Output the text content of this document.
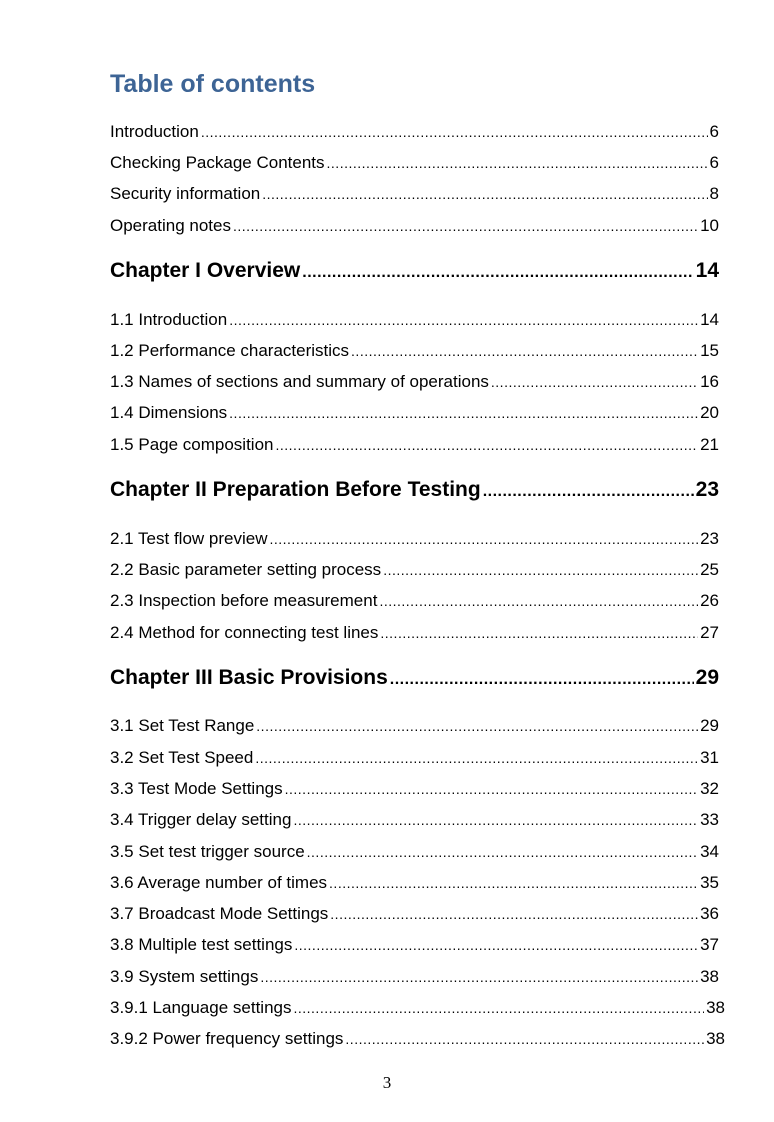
Table of contents
Introduction .....	6
Checking Package Contents .....	6
Security information .....	8
Operating notes .....	10
Chapter I Overview .....	14
1.1 Introduction .....	14
1.2 Performance characteristics .....	15
1.3 Names of sections and summary of operations .....	16
1.4 Dimensions .....	20
1.5 Page composition .....	21
Chapter II Preparation Before Testing .....	23
2.1 Test flow preview .....	23
2.2 Basic parameter setting process .....	25
2.3 Inspection before measurement .....	26
2.4 Method for connecting test lines .....	27
Chapter III Basic Provisions .....	29
3.1 Set Test Range .....	29
3.2 Set Test Speed .....	31
3.3 Test Mode Settings .....	32
3.4 Trigger delay setting .....	33
3.5 Set test trigger source .....	34
3.6 Average number of times .....	35
3.7 Broadcast Mode Settings .....	36
3.8 Multiple test settings .....	37
3.9 System settings .....	38
3.9.1 Language settings .....	38
3.9.2 Power frequency settings .....	38
3
